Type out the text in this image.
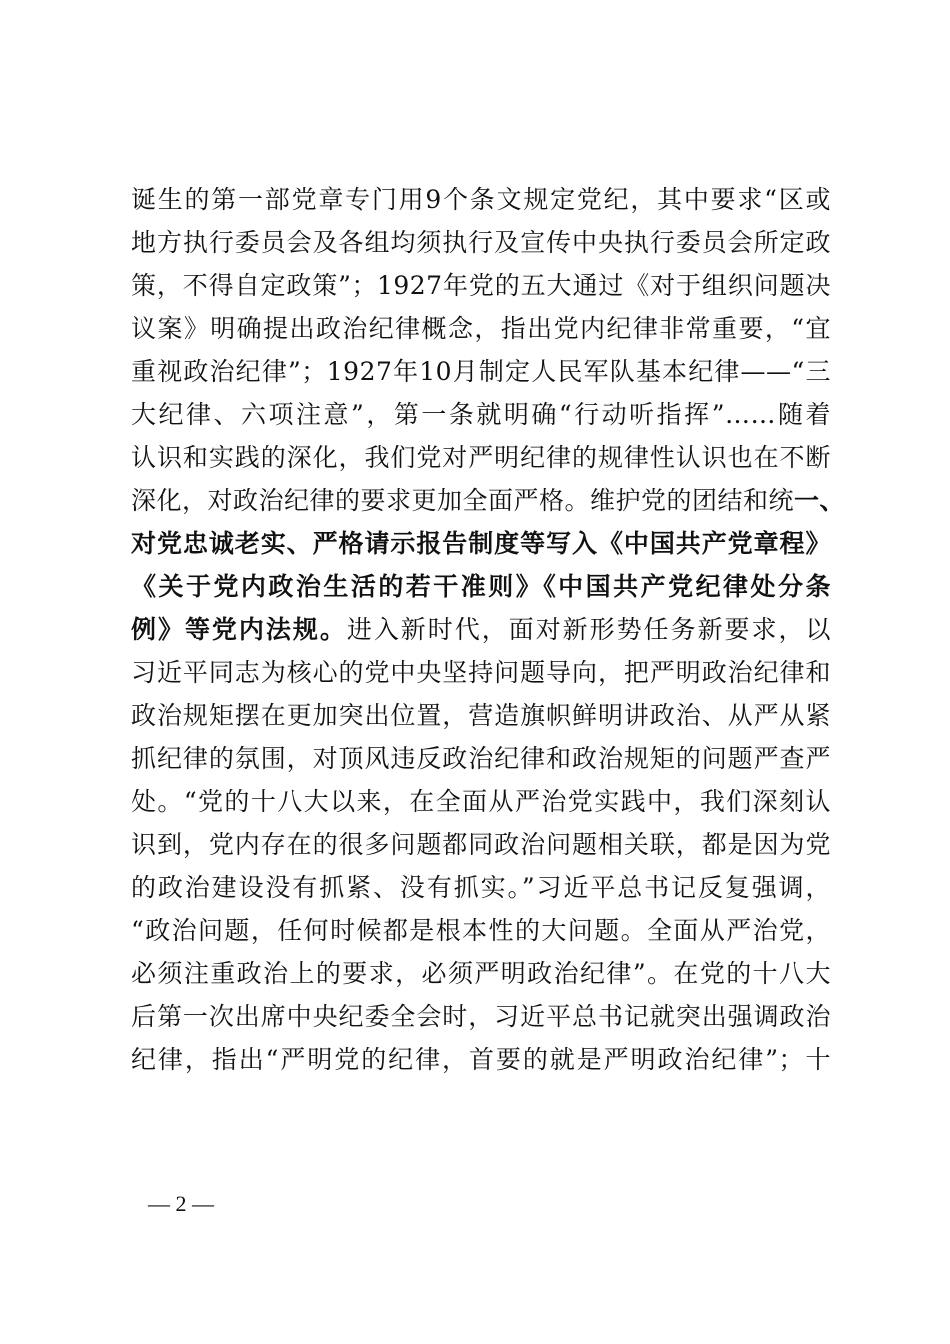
诞生的第一部党章专门用9个条文规定党纪，其中要求“区或
地方执行委员会及各组均须执行及宣传中央执行委员会所定政
策，不得自定政策”；1927年党的五大通过《对于组织问题决
议案》明确提出政治纪律概念，指出党内纪律非常重要，“宜
重视政治纪律”；1927年10月制定人民军队基本纪律——“三
大纪律、六项注意”，第一条就明确“行动听指挥”……随着
认识和实践的深化，我们党对严明纪律的规律性认识也在不断
深化，对政治纪律的要求更加全面严格。维护党的团结和统一、
对党忠诚老实、严格请示报告制度等写入《中国共产党章程》
《关于党内政治生活的若干准则》《中国共产党纪律处分条
例》等党内法规。进入新时代，面对新形势任务新要求，以
习近平同志为核心的党中央坚持问题导向，把严明政治纪律和
政治规矩摆在更加突出位置，营造旗帜鲜明讲政治、从严从紧
抓纪律的氛围，对顶风违反政治纪律和政治规矩的问题严查严
处。“党的十八大以来，在全面从严治党实践中，我们深刻认
识到，党内存在的很多问题都同政治问题相关联，都是因为党
的政治建设没有抓紧、没有抓实。”习近平总书记反复强调，
“政治问题，任何时候都是根本性的大问题。全面从严治党，
必须注重政治上的要求，必须严明政治纪律”。在党的十八大
后第一次出席中央纪委全会时，习近平总书记就突出强调政治
纪律，指出“严明党的纪律，首要的就是严明政治纪律”；十
— 2 —
